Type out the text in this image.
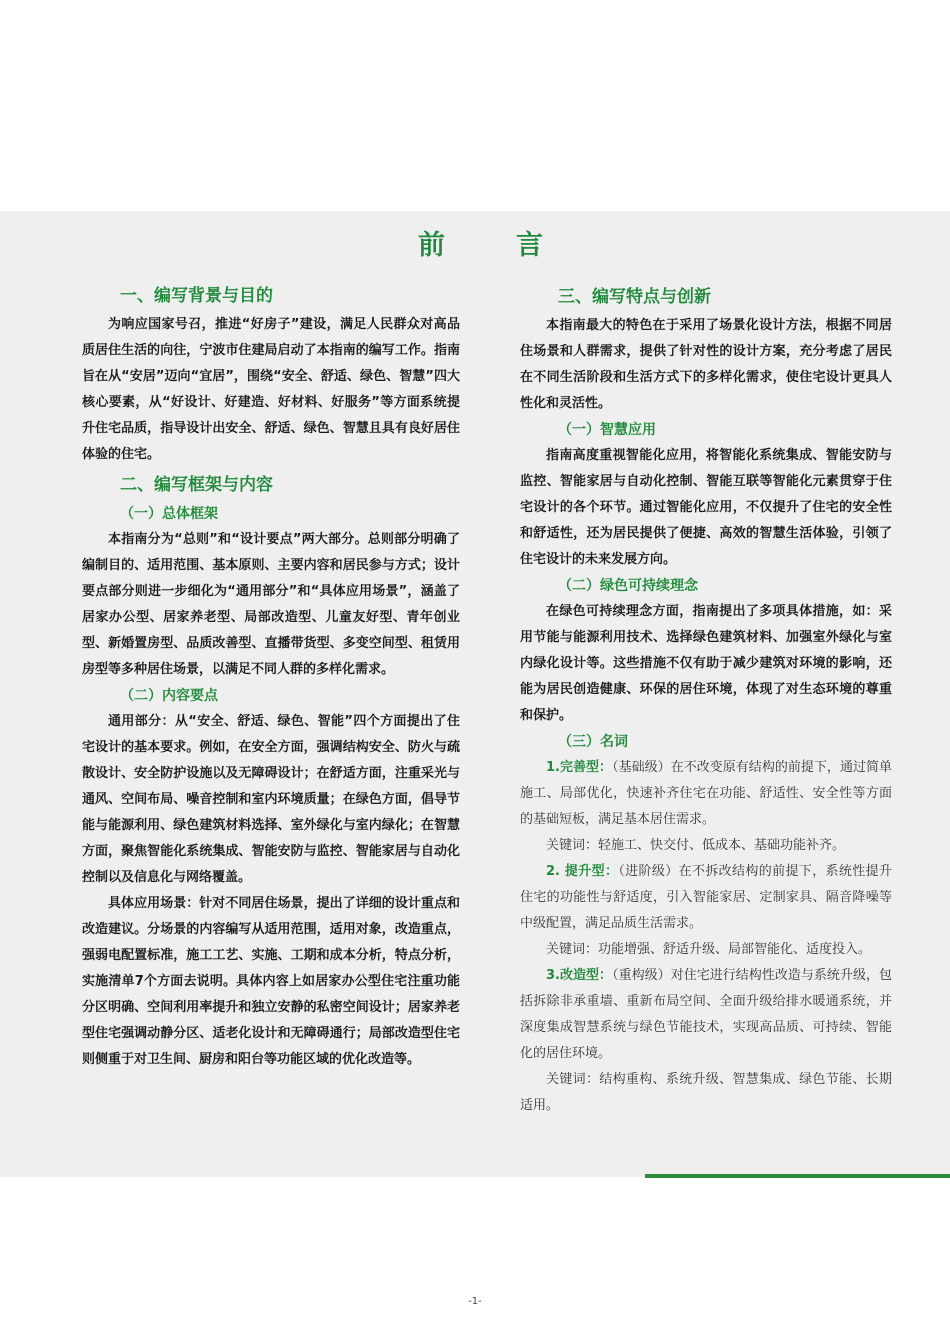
前	言
一、编写背景与目的

为响应国家号召，推进“好房子”建设，满足人民群众对高品质居住生活的向往，宁波市住建局启动了本指南的编写工作。指南旨在从“安居”迈向“宜居”，围绕“安全、舒适、绿色、智慧”四大核心要素，从“好设计、好建造、好材料、好服务”等方面系统提升住宅品质，指导设计出安全、舒适、绿色、智慧且具有良好居住体验的住宅。

二、编写框架与内容
（一）总体框架

本指南分为“总则”和“设计要点”两大部分。总则部分明确了编制目的、适用范围、基本原则、主要内容和居民参与方式；设计要点部分则进一步细化为“通用部分”和“具体应用场景”，涵盖了居家办公型、居家养老型、局部改造型、儿童友好型、青年创业型、新婚置房型、品质改善型、直播带货型、多变空间型、租赁用房型等多种居住场景，以满足不同人群的多样化需求。

（二）内容要点

通用部分：从“安全、舒适、绿色、智能”四个方面提出了住宅设计的基本要求。例如，在安全方面，强调结构安全、防火与疏散设计、安全防护设施以及无障碍设计；在舒适方面，注重采光与通风、空间布局、噪音控制和室内环境质量；在绿色方面，倡导节能与能源利用、绿色建筑材料选择、室外绿化与室内绿化；在智慧方面，聚焦智能化系统集成、智能安防与监控、智能家居与自动化控制以及信息化与网络覆盖。

具体应用场景：针对不同居住场景，提出了详细的设计重点和改造建议。分场景的内容编写从适用范围，适用对象，改造重点，强弱电配置标准，施工工艺、实施、工期和成本分析，特点分析，实施清单7个方面去说明。具体内容上如居家办公型住宅注重功能分区明确、空间利用率提升和独立安静的私密空间设计；居家养老型住宅强调动静分区、适老化设计和无障碍通行；局部改造型住宅则侧重于对卫生间、厨房和阳台等功能区域的优化改造等。

三、编写特点与创新

本指南最大的特色在于采用了场景化设计方法，根据不同居住场景和人群需求，提供了针对性的设计方案，充分考虑了居民在不同生活阶段和生活方式下的多样化需求，使住宅设计更具人性化和灵活性。

（一）智慧应用

指南高度重视智能化应用，将智能化系统集成、智能安防与监控、智能家居与自动化控制、智能互联等智能化元素贯穿于住宅设计的各个环节。通过智能化应用，不仅提升了住宅的安全性和舒适性，还为居民提供了便捷、高效的智慧生活体验，引领了住宅设计的未来发展方向。

（二）绿色可持续理念

在绿色可持续理念方面，指南提出了多项具体措施，如：采用节能与能源利用技术、选择绿色建筑材料、加强室外绿化与室内绿化设计等。这些措施不仅有助于减少建筑对环境的影响，还能为居民创造健康、环保的居住环境，体现了对生态环境的尊重和保护。

（三）名词

1.完善型：（基础级）在不改变原有结构的前提下，通过简单施工、局部优化，快速补齐住宅在功能、舒适性、安全性等方面的基础短板，满足基本居住需求。

关键词：轻施工、快交付、低成本、基础功能补齐。

2. 提升型：（进阶级）在不拆改结构的前提下，系统性提升住宅的功能性与舒适度，引入智能家居、定制家具、隔音降噪等中级配置，满足品质生活需求。

关键词：功能增强、舒适升级、局部智能化、适度投入。

3.改造型：（重构级）对住宅进行结构性改造与系统升级，包括拆除非承重墙、重新布局空间、全面升级给排水暖通系统，并深度集成智慧系统与绿色节能技术，实现高品质、可持续、智能化的居住环境。

关键词：结构重构、系统升级、智慧集成、绿色节能、长期适用。

-1-
